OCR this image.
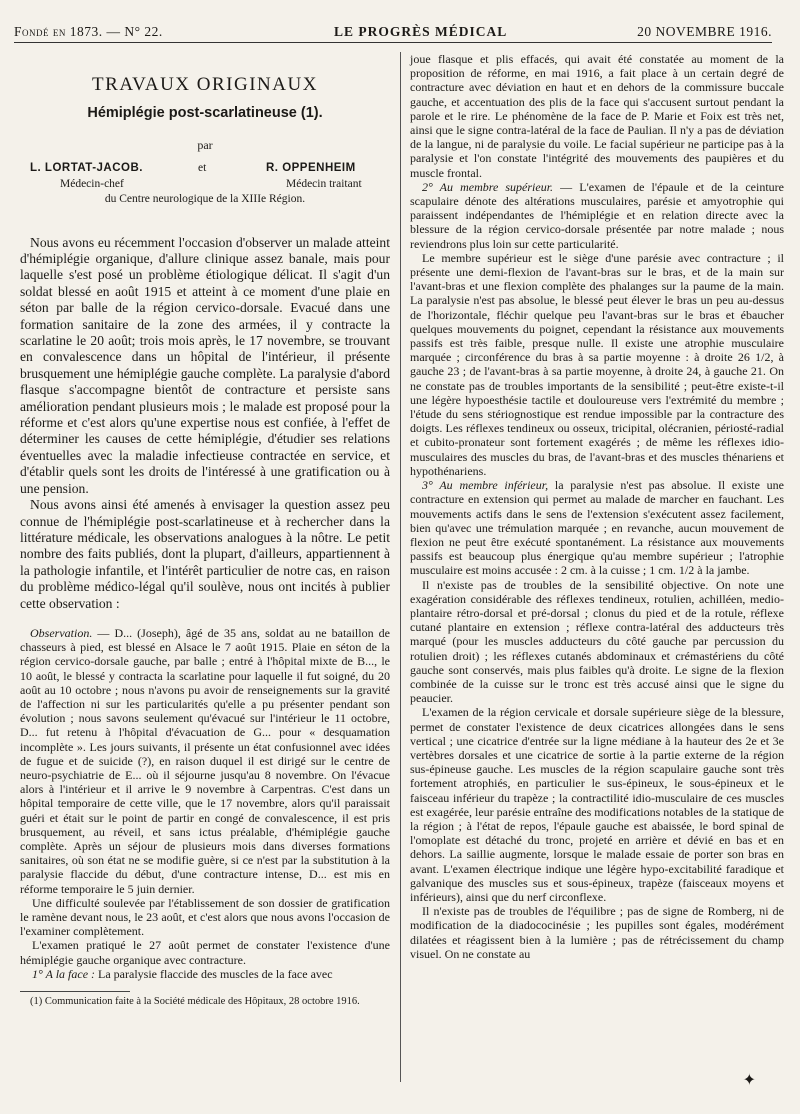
Fondé en 1873. — N° 22.	LE PROGRÈS MÉDICAL	20 NOVEMBRE 1916.
TRAVAUX ORIGINAUX
Hémiplégie post-scarlatineuse (1).
par
L. LORTAT-JACOB.	et	R. OPPENHEIM
Médecin-chef	Médecin traitant
du Centre neurologique de la XIIIe Région.

Nous avons eu récemment l'occasion d'observer un malade atteint d'hémiplégie organique, d'allure clinique assez banale, mais pour laquelle s'est posé un problème étiologique délicat. Il s'agit d'un soldat blessé en août 1915 et atteint à ce moment d'une plaie en séton par balle de la région cervico-dorsale. Evacué dans une formation sanitaire de la zone des armées, il y contracte la scarlatine le 20 août; trois mois après, le 17 novembre, se trouvant en convalescence dans un hôpital de l'intérieur, il présente brusquement une hémiplégie gauche complète. La paralysie d'abord flasque s'accompagne bientôt de contracture et persiste sans amélioration pendant plusieurs mois ; le malade est proposé pour la réforme et c'est alors qu'une expertise nous est confiée, à l'effet de déterminer les causes de cette hémiplégie, d'étudier ses relations éventuelles avec la maladie infectieuse contractée en service, et d'établir quels sont les droits de l'intéressé à une gratification ou à une pension.

Nous avons ainsi été amenés à envisager la question assez peu connue de l'hémiplégie post-scarlatineuse et à rechercher dans la littérature médicale, les observations analogues à la nôtre. Le petit nombre des faits publiés, dont la plupart, d'ailleurs, appartiennent à la pathologie infantile, et l'intérêt particulier de notre cas, en raison du problème médico-légal qu'il soulève, nous ont incités à publier cette observation :

Observation. — D... (Joseph), âgé de 35 ans, soldat au ne bataillon de chasseurs à pied, est blessé en Alsace le 7 août 1915. Plaie en séton de la région cervico-dorsale gauche, par balle ; entré à l'hôpital mixte de B..., le 10 août, le blessé y contracta la scarlatine pour laquelle il fut soigné, du 20 août au 10 octobre ; nous n'avons pu avoir de renseignements sur la gravité de l'affection ni sur les particularités qu'elle a pu présenter pendant son évolution ; nous savons seulement qu'évacué sur l'intérieur le 11 octobre, D... fut retenu à l'hôpital d'évacuation de G... pour « desquamation incomplète ». Les jours suivants, il présente un état confusionnel avec idées de fugue et de suicide (?), en raison duquel il est dirigé sur le centre de neuro-psychiatrie de E... où il séjourne jusqu'au 8 novembre. On l'évacue alors à l'intérieur et il arrive le 9 novembre à Carpentras. C'est dans un hôpital temporaire de cette ville, que le 17 novembre, alors qu'il paraissait guéri et était sur le point de partir en congé de convalescence, il est pris brusquement, au réveil, et sans ictus préalable, d'hémiplégie gauche complète. Après un séjour de plusieurs mois dans diverses formations sanitaires, où son état ne se modifie guère, si ce n'est par la substitution à la paralysie flaccide du début, d'une contracture intense, D... est mis en réforme temporaire le 5 juin dernier.

Une difficulté soulevée par l'établissement de son dossier de gratification le ramène devant nous, le 23 août, et c'est alors que nous avons l'occasion de l'examiner complètement.

L'examen pratiqué le 27 août permet de constater l'existence d'une hémiplégie gauche organique avec contracture.

1° A la face : La paralysie flaccide des muscles de la face avec

(1) Communication faite à la Société médicale des Hôpitaux, 28 octobre 1916.

joue flasque et plis effacés, qui avait été constatée au moment de la proposition de réforme, en mai 1916, a fait place à un certain degré de contracture avec déviation en haut et en dehors de la commissure buccale gauche, et accentuation des plis de la face qui s'accusent surtout pendant la parole et le rire. Le phénomène de la face de P. Marie et Foix est très net, ainsi que le signe contra-latéral de la face de Paulian. Il n'y a pas de déviation de la langue, ni de paralysie du voile. Le facial supérieur ne participe pas à la paralysie et l'on constate l'intégrité des mouvements des paupières et du muscle frontal.

2° Au membre supérieur. — L'examen de l'épaule et de la ceinture scapulaire dénote des altérations musculaires, parésie et amyotrophie qui paraissent indépendantes de l'hémiplégie et en relation directe avec la blessure de la région cervico-dorsale présentée par notre malade ; nous reviendrons plus loin sur cette particularité.

Le membre supérieur est le siège d'une parésie avec contracture ; il présente une demi-flexion de l'avant-bras sur le bras, et de la main sur l'avant-bras et une flexion complète des phalanges sur la paume de la main. La paralysie n'est pas absolue, le blessé peut élever le bras un peu au-dessus de l'horizontale, fléchir quelque peu l'avant-bras sur le bras et ébaucher quelques mouvements du poignet, cependant la résistance aux mouvements passifs est très faible, presque nulle. Il existe une atrophie musculaire marquée ; circonférence du bras à sa partie moyenne : à droite 26 1/2, à gauche 23 ; de l'avant-bras à sa partie moyenne, à droite 24, à gauche 21. On ne constate pas de troubles importants de la sensibilité ; peut-être existe-t-il une légère hypoesthésie tactile et douloureuse vers l'extrémité du membre ; l'étude du sens stériognostique est rendue impossible par la contracture des doigts. Les réflexes tendineux ou osseux, tricipital, olécranien, périosté-radial et cubito-pronateur sont fortement exagérés ; de même les réflexes idio-musculaires des muscles du bras, de l'avant-bras et des muscles thénariens et hypothénariens.

3° Au membre inférieur, la paralysie n'est pas absolue. Il existe une contracture en extension qui permet au malade de marcher en fauchant. Les mouvements actifs dans le sens de l'extension s'exécutent assez facilement, bien qu'avec une trémulation marquée ; en revanche, aucun mouvement de flexion ne peut être exécuté spontanément. La résistance aux mouvements passifs est beaucoup plus énergique qu'au membre supérieur ; l'atrophie musculaire est moins accusée : 2 cm. à la cuisse ; 1 cm. 1/2 à la jambe.

Il n'existe pas de troubles de la sensibilité objective. On note une exagération considérable des réflexes tendineux, rotulien, achilléen, medio-plantaire rétro-dorsal et pré-dorsal ; clonus du pied et de la rotule, réflexe cutané plantaire en extension ; réflexe contra-latéral des adducteurs très marqué (pour les muscles adducteurs du côté gauche par percussion du rotulien droit) ; les réflexes cutanés abdominaux et crémastériens du côté gauche sont conservés, mais plus faibles qu'à droite. Le signe de la flexion combinée de la cuisse sur le tronc est très accusé ainsi que le signe du peaucier.

L'examen de la région cervicale et dorsale supérieure siège de la blessure, permet de constater l'existence de deux cicatrices allongées dans le sens vertical ; une cicatrice d'entrée sur la ligne médiane à la hauteur des 2e et 3e vertèbres dorsales et une cicatrice de sortie à la partie externe de la région sus-épineuse gauche. Les muscles de la région scapulaire gauche sont très fortement atrophiés, en particulier le sus-épineux, le sous-épineux et le faisceau inférieur du trapèze ; la contractilité idio-musculaire de ces muscles est exagérée, leur parésie entraîne des modifications notables de la statique de la région ; à l'état de repos, l'épaule gauche est abaissée, le bord spinal de l'omoplate est détaché du tronc, projeté en arrière et dévié en bas et en dehors. La saillie augmente, lorsque le malade essaie de porter son bras en avant. L'examen électrique indique une légère hypo-excitabilité faradique et galvanique des muscles sus et sous-épineux, trapèze (faisceaux moyens et inférieurs), ainsi que du nerf circonflexe.

Il n'existe pas de troubles de l'équilibre ; pas de signe de Romberg, ni de modification de la diadococinésie ; les pupilles sont égales, modérément dilatées et réagissent bien à la lumière ; pas de rétrécissement du champ visuel. On ne constate au

✦
